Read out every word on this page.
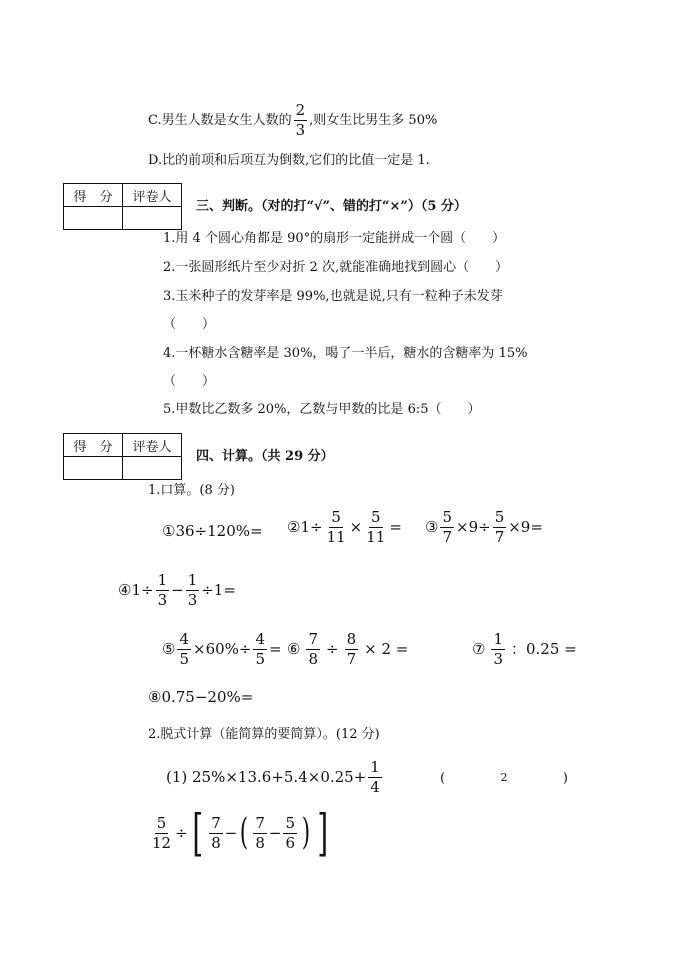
C.男生人数是女生人数的 $\frac{2}{3}$ ,则女生比男生多 50%
D.比的前项和后项互为倒数,它们的比值一定是 1.
得　分	评卷人

三、判断。（对的打“√”、错的打“×”）（5 分）
1.用 4 个圆心角都是 90°的扇形一定能拼成一个圆（　　）
2.一张圆形纸片至少对折 2 次,就能准确地找到圆心（　　）
3.玉米种子的发芽率是 99%,也就是说,只有一粒种子未发芽
（　　）
4.一杯糖水含糖率是 30%，喝了一半后，糖水的含糖率为 15%
（　　）
5.甲数比乙数多 20%，乙数与甲数的比是 6:5（　　）
得　分	评卷人

四、计算。（共 29 分）
1.口算。(8 分)
①36÷120%= ②1÷ $\frac{5}{11} \times \frac{5}{11}$ = ③ $\frac{5}{7} \times 9\div \frac{5}{7} \times 9=$
④1÷ $\frac{1}{3} - \frac{1}{3} \div 1=$
⑤ $\frac{4}{5} \times 60\%\div \frac{4}{5}$ = ⑥ $\frac{7}{8} \div \frac{8}{7} \times 2$ =	⑦ $\frac{1}{3}$ ：0.25 =
⑧0.75−20%=
2.脱式计算（能简算的要简算）。(12 分)
(1) $25\%\times 13.6+5.4\times 0.25+ \frac{1}{4}$	(	2	)
$\frac{5}{12}$ ÷ [ $\frac{7}{8}$ − ( $\frac{7}{8} - \frac{5}{6}$ ) ]
